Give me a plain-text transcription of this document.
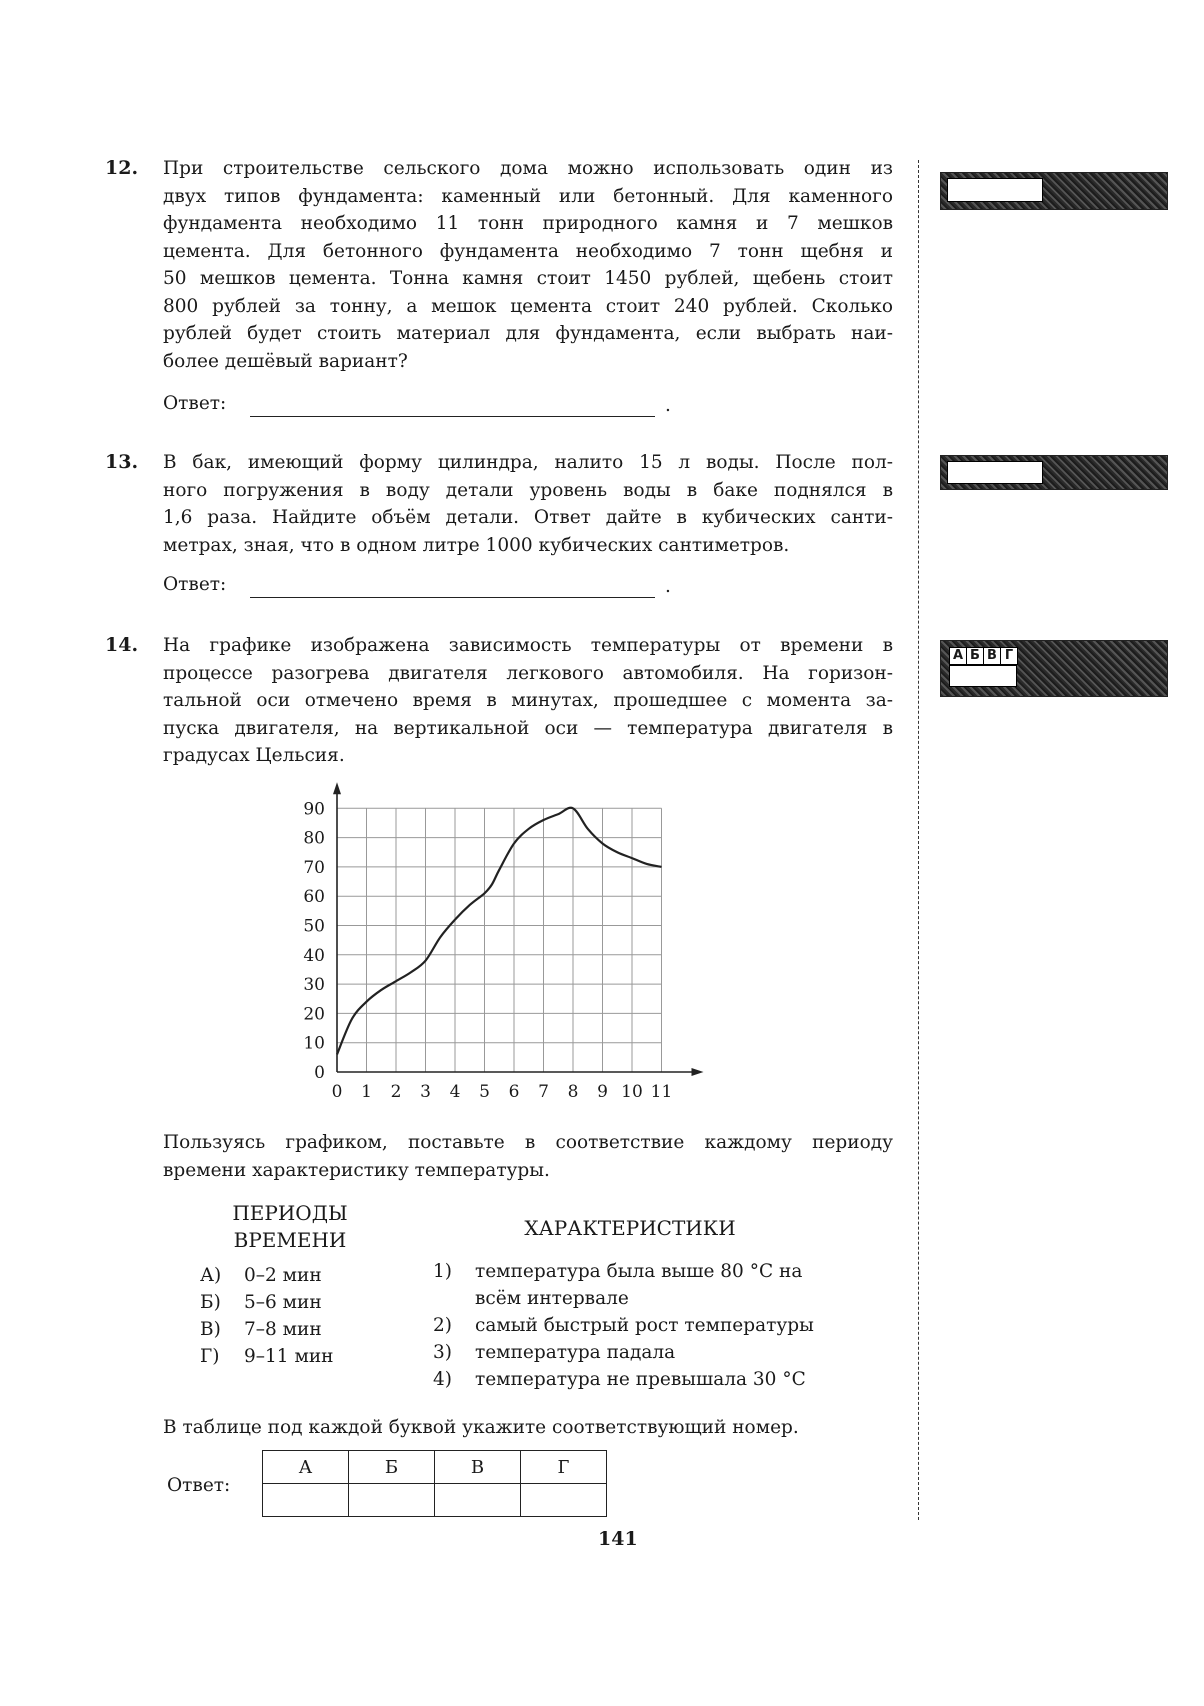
12. При строительстве сельского дома можно использовать один из
двух типов фундамента: каменный или бетонный. Для каменного
фундамента необходимо 11 тонн природного камня и 7 мешков
цемента. Для бетонного фундамента необходимо 7 тонн щебня и
50 мешков цемента. Тонна камня стоит 1450 рублей, щебень стоит
800 рублей за тонну, а мешок цемента стоит 240 рублей. Сколько
рублей будет стоить материал для фундамента, если выбрать наи-
более дешёвый вариант?
Ответ:	.
13. В бак, имеющий форму цилиндра, налито 15 л воды. После пол-
ного погружения в воду детали уровень воды в баке поднялся в
1,6 раза. Найдите объём детали. Ответ дайте в кубических санти-
метрах, зная, что в одном литре 1000 кубических сантиметров.
Ответ:	.
14. На графике изображена зависимость температуры от времени в
процессе разогрева двигателя легкового автомобиля. На горизон-
тальной оси отмечено время в минутах, прошедшее с момента за-
пуска двигателя, на вертикальной оси — температура двигателя в
градусах Цельсия.
0 1 2 3 4 5 6 7 8 9 10 11
0
10
20
30
40
50
60
70
80
90
Пользуясь графиком, поставьте в соответствие каждому периоду
времени характеристику температуры.
ПЕРИОДЫ
ВРЕМЕНИ	ХАРАКТЕРИСТИКИ
А) 0–2 мин
Б) 5–6 мин
В) 7–8 мин
Г) 9–11 мин
1) температура была выше 80 °С на
всём интервале
2) самый быстрый рост температуры
3) температура падала
4) температура не превышала 30 °С
В таблице под каждой буквой укажите соответствующий номер.
Ответ:
А	Б	В	Г

141
А Б В Г
